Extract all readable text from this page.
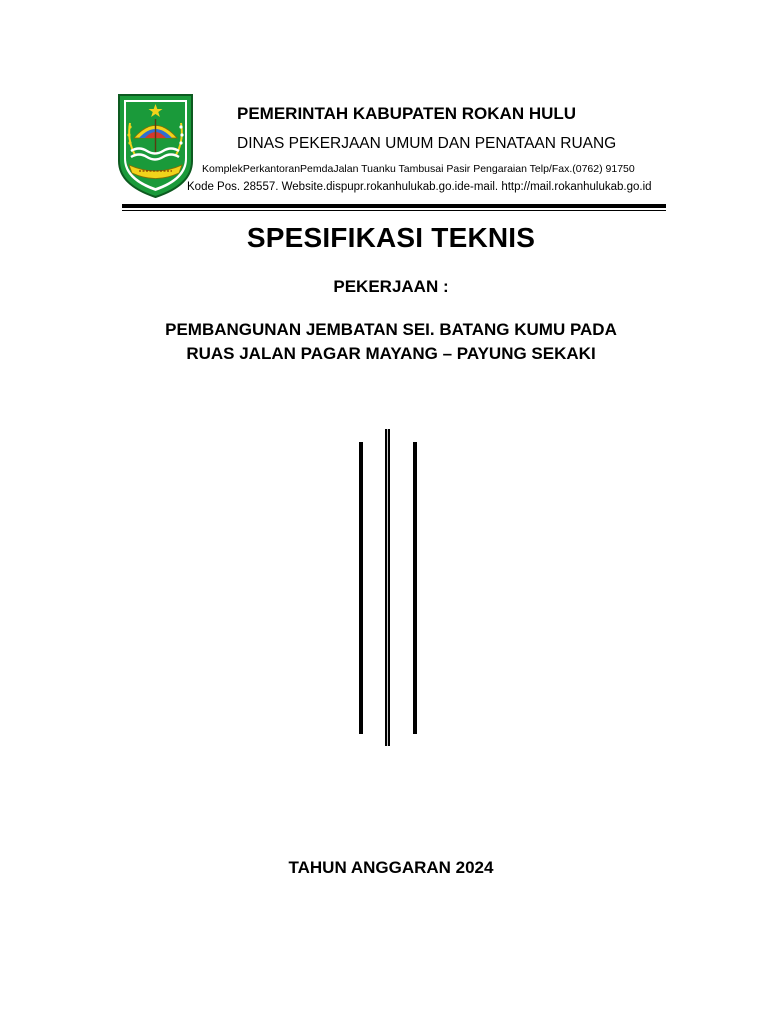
PEMERINTAH KABUPATEN ROKAN HULU
DINAS PEKERJAAN UMUM DAN PENATAAN RUANG
KomplekPerkantoranPemdaJalan Tuanku Tambusai Pasir Pengaraian Telp/Fax.(0762) 91750
Kode Pos. 28557. Website.dispupr.rokanhulukab.go.ide-mail. http://mail.rokanhulukab.go.id
SPESIFIKASI TEKNIS
PEKERJAAN :
PEMBANGUNAN JEMBATAN SEI. BATANG KUMU PADA
RUAS JALAN PAGAR MAYANG – PAYUNG SEKAKI
TAHUN ANGGARAN 2024
